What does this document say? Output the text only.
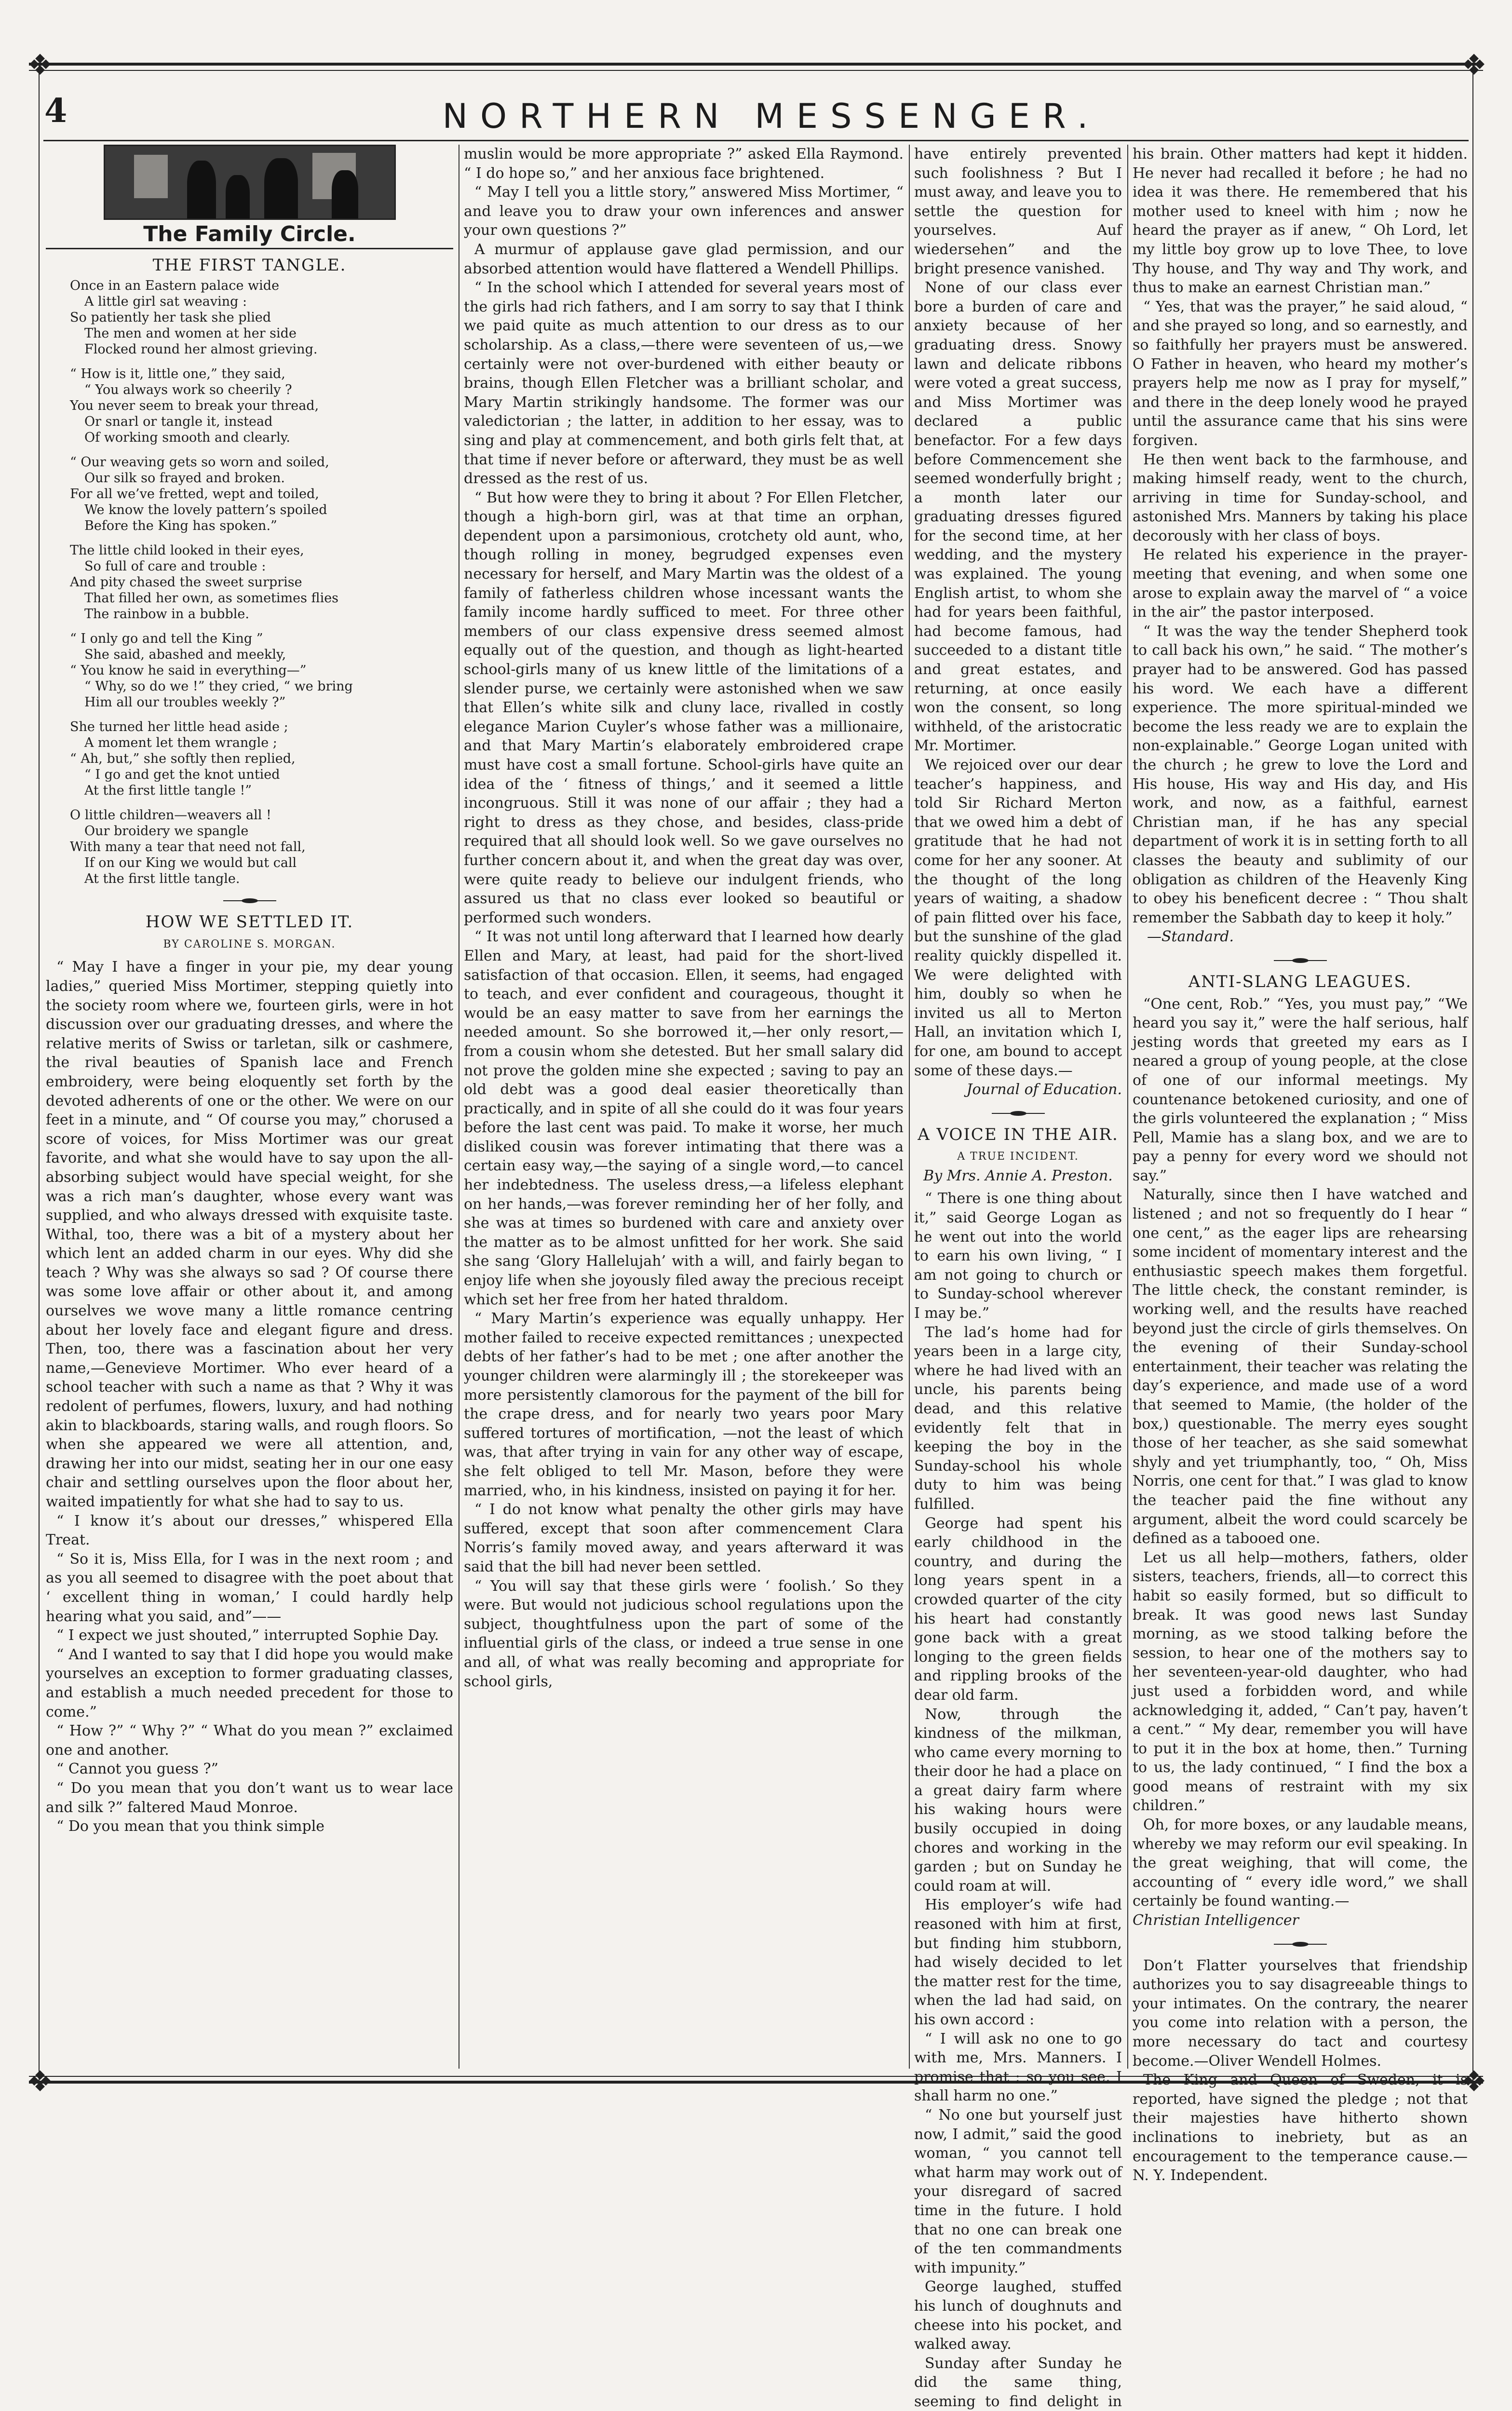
❖	❖
❖	❖
4	NORTHERN MESSENGER.
The Family Circle.
THE FIRST TANGLE.
Once in an Eastern palace wide
A little girl sat weaving :
So patiently her task she plied
The men and women at her side
Flocked round her almost grieving.
“ How is it, little one,” they said,
“ You always work so cheerily ?
You never seem to break your thread,
Or snarl or tangle it, instead
Of working smooth and clearly.
“ Our weaving gets so worn and soiled,
Our silk so frayed and broken.
For all we’ve fretted, wept and toiled,
We know the lovely pattern’s spoiled
Before the King has spoken.”
The little child looked in their eyes,
So full of care and trouble :
And pity chased the sweet surprise
That filled her own, as sometimes flies
The rainbow in a bubble.
“ I only go and tell the King ”
She said, abashed and meekly,
“ You know he said in everything—”
“ Why, so do we !” they cried, “ we bring
Him all our troubles weekly ?”
She turned her little head aside ;
A moment let them wrangle ;
“ Ah, but,” she softly then replied,
“ I go and get the knot untied
At the first little tangle !”
O little children—weavers all !
Our broidery we spangle
With many a tear that need not fall,
If on our King we would but call
At the first little tangle.
HOW WE SETTLED IT.
BY CAROLINE S. MORGAN.

“ May I have a finger in your pie, my dear young ladies,” queried Miss Mortimer, stepping quietly into the society room where we, fourteen girls, were in hot discussion over our graduating dresses, and where the relative merits of Swiss or tarletan, silk or cashmere, the rival beauties of Spanish lace and French embroidery, were being eloquently set forth by the devoted adherents of one or the other. We were on our feet in a minute, and “ Of course you may,” chorused a score of voices, for Miss Mortimer was our great favorite, and what she would have to say upon the all-absorbing subject would have special weight, for she was a rich man’s daughter, whose every want was supplied, and who always dressed with exquisite taste. Withal, too, there was a bit of a mystery about her which lent an added charm in our eyes. Why did she teach ? Why was she always so sad ? Of course there was some love affair or other about it, and among ourselves we wove many a little romance centring about her lovely face and elegant figure and dress. Then, too, there was a fascination about her very name,—Genevieve Mortimer. Who ever heard of a school teacher with such a name as that ? Why it was redolent of perfumes, flowers, luxury, and had nothing akin to blackboards, staring walls, and rough floors. So when she appeared we were all attention, and, drawing her into our midst, seating her in our one easy chair and settling ourselves upon the floor about her, waited impatiently for what she had to say to us.

“ I know it’s about our dresses,” whispered Ella Treat.

“ So it is, Miss Ella, for I was in the next room ; and as you all seemed to disagree with the poet about that ‘ excellent thing in woman,’ I could hardly help hearing what you said, and”——

“ I expect we just shouted,” interrupted Sophie Day.

“ And I wanted to say that I did hope you would make yourselves an exception to former graduating classes, and establish a much needed precedent for those to come.”

“ How ?” “ Why ?” “ What do you mean ?” exclaimed one and another.

“ Cannot you guess ?”

“ Do you mean that you don’t want us to wear lace and silk ?” faltered Maud Monroe.

“ Do you mean that you think simple

muslin would be more appropriate ?” asked Ella Raymond. “ I do hope so,” and her anxious face brightened.

“ May I tell you a little story,” answered Miss Mortimer, “ and leave you to draw your own inferences and answer your own questions ?”

A murmur of applause gave glad permission, and our absorbed attention would have flattered a Wendell Phillips.

“ In the school which I attended for several years most of the girls had rich fathers, and I am sorry to say that I think we paid quite as much attention to our dress as to our scholarship. As a class,—there were seventeen of us,—we certainly were not over-burdened with either beauty or brains, though Ellen Fletcher was a brilliant scholar, and Mary Martin strikingly handsome. The former was our valedictorian ; the latter, in addition to her essay, was to sing and play at commencement, and both girls felt that, at that time if never before or afterward, they must be as well dressed as the rest of us.

“ But how were they to bring it about ? For Ellen Fletcher, though a high-born girl, was at that time an orphan, dependent upon a parsimonious, crotchety old aunt, who, though rolling in money, begrudged expenses even necessary for herself, and Mary Martin was the oldest of a family of fatherless children whose incessant wants the family income hardly sufficed to meet. For three other members of our class expensive dress seemed almost equally out of the question, and though as light-hearted school-girls many of us knew little of the limitations of a slender purse, we certainly were astonished when we saw that Ellen’s white silk and cluny lace, rivalled in costly elegance Marion Cuyler’s whose father was a millionaire, and that Mary Martin’s elaborately embroidered crape must have cost a small fortune. School-girls have quite an idea of the ‘ fitness of things,’ and it seemed a little incongruous. Still it was none of our affair ; they had a right to dress as they chose, and besides, class-pride required that all should look well. So we gave ourselves no further concern about it, and when the great day was over, were quite ready to believe our indulgent friends, who assured us that no class ever looked so beautiful or performed such wonders.

“ It was not until long afterward that I learned how dearly Ellen and Mary, at least, had paid for the short-lived satisfaction of that occasion. Ellen, it seems, had engaged to teach, and ever confident and courageous, thought it would be an easy matter to save from her earnings the needed amount. So she borrowed it,—her only resort,—from a cousin whom she detested. But her small salary did not prove the golden mine she expected ; saving to pay an old debt was a good deal easier theoretically than practically, and in spite of all she could do it was four years before the last cent was paid. To make it worse, her much disliked cousin was forever intimating that there was a certain easy way,—the saying of a single word,—to cancel her indebtedness. The useless dress,—a lifeless elephant on her hands,—was forever reminding her of her folly, and she was at times so burdened with care and anxiety over the matter as to be almost unfitted for her work. She said she sang ‘Glory Hallelujah’ with a will, and fairly began to enjoy life when she joyously filed away the precious receipt which set her free from her hated thraldom.

“ Mary Martin’s experience was equally unhappy. Her mother failed to receive expected remittances ; unexpected debts of her father’s had to be met ; one after another the younger children were alarmingly ill ; the storekeeper was more persistently clamorous for the payment of the bill for the crape dress, and for nearly two years poor Mary suffered tortures of mortification, —not the least of which was, that after trying in vain for any other way of escape, she felt obliged to tell Mr. Mason, before they were married, who, in his kindness, insisted on paying it for her.

“ I do not know what penalty the other girls may have suffered, except that soon after commencement Clara Norris’s family moved away, and years afterward it was said that the bill had never been settled.

“ You will say that these girls were ‘ foolish.’ So they were. But would not judicious school regulations upon the subject, thoughtfulness upon the part of some of the influential girls of the class, or indeed a true sense in one and all, of what was really becoming and appropriate for school girls,

have entirely prevented such foolishness ? But I must away, and leave you to settle the question for yourselves. Auf wiedersehen” and the bright presence vanished.

None of our class ever bore a burden of care and anxiety because of her graduating dress. Snowy lawn and delicate ribbons were voted a great success, and Miss Mortimer was declared a public benefactor. For a few days before Commencement she seemed wonderfully bright ; a month later our graduating dresses figured for the second time, at her wedding, and the mystery was explained. The young English artist, to whom she had for years been faithful, had become famous, had succeeded to a distant title and great estates, and returning, at once easily won the consent, so long withheld, of the aristocratic Mr. Mortimer.

We rejoiced over our dear teacher’s happiness, and told Sir Richard Merton that we owed him a debt of gratitude that he had not come for her any sooner. At the thought of the long years of waiting, a shadow of pain flitted over his face, but the sunshine of the glad reality quickly dispelled it. We were delighted with him, doubly so when he invited us all to Merton Hall, an invitation which I, for one, am bound to accept some of these days.—

Journal of Education.

A VOICE IN THE AIR.
A TRUE INCIDENT.
By Mrs. Annie A. Preston.

“ There is one thing about it,” said George Logan as he went out into the world to earn his own living, “ I am not going to church or to Sunday-school wherever I may be.”

The lad’s home had for years been in a large city, where he had lived with an uncle, his parents being dead, and this relative evidently felt that in keeping the boy in the Sunday-school his whole duty to him was being fulfilled.

George had spent his early childhood in the country, and during the long years spent in a crowded quarter of the city his heart had constantly gone back with a great longing to the green fields and rippling brooks of the dear old farm.

Now, through the kindness of the milkman, who came every morning to their door he had a place on a great dairy farm where his waking hours were busily occupied in doing chores and working in the garden ; but on Sunday he could roam at will.

His employer’s wife had reasoned with him at first, but finding him stubborn, had wisely decided to let the matter rest for the time, when the lad had said, on his own accord :

“ I will ask no one to go with me, Mrs. Manners. I promise that ; so you see, I shall harm no one.”

“ No one but yourself just now, I admit,” said the good woman, “ you cannot tell what harm may work out of your disregard of sacred time in the future. I hold that no one can break one of the ten commandments with impunity.”

George laughed, stuffed his lunch of doughnuts and cheese into his pocket, and walked away.

Sunday after Sunday he did the same thing, seeming to find delight in

his brain. Other matters had kept it hidden. He never had recalled it before ; he had no idea it was there. He remembered that his mother used to kneel with him ; now he heard the prayer as if anew, “ Oh Lord, let my little boy grow up to love Thee, to love Thy house, and Thy way and Thy work, and thus to make an earnest Christian man.”

“ Yes, that was the prayer,” he said aloud, “ and she prayed so long, and so earnestly, and so faithfully her prayers must be answered. O Father in heaven, who heard my mother’s prayers help me now as I pray for myself,” and there in the deep lonely wood he prayed until the assurance came that his sins were forgiven.

He then went back to the farmhouse, and making himself ready, went to the church, arriving in time for Sunday-school, and astonished Mrs. Manners by taking his place decorously with her class of boys.

He related his experience in the prayer-meeting that evening, and when some one arose to explain away the marvel of “ a voice in the air” the pastor interposed.

“ It was the way the tender Shepherd took to call back his own,” he said. “ The mother’s prayer had to be answered. God has passed his word. We each have a different experience. The more spiritual-minded we become the less ready we are to explain the non-explainable.” George Logan united with the church ; he grew to love the Lord and His house, His way and His day, and His work, and now, as a faithful, earnest Christian man, if he has any special department of work it is in setting forth to all classes the beauty and sublimity of our obligation as children of the Heavenly King to obey his beneficent decree : “ Thou shalt remember the Sabbath day to keep it holy.”

—Standard.

ANTI-SLANG LEAGUES.

“One cent, Rob.” “Yes, you must pay,” “We heard you say it,” were the half serious, half jesting words that greeted my ears as I neared a group of young people, at the close of one of our informal meetings. My countenance betokened curiosity, and one of the girls volunteered the explanation ; “ Miss Pell, Mamie has a slang box, and we are to pay a penny for every word we should not say.”

Naturally, since then I have watched and listened ; and not so frequently do I hear “ one cent,” as the eager lips are rehearsing some incident of momentary interest and the enthusiastic speech makes them forgetful. The little check, the constant reminder, is working well, and the results have reached beyond just the circle of girls themselves. On the evening of their Sunday-school entertainment, their teacher was relating the day’s experience, and made use of a word that seemed to Mamie, (the holder of the box,) questionable. The merry eyes sought those of her teacher, as she said somewhat shyly and yet triumphantly, too, “ Oh, Miss Norris, one cent for that.” I was glad to know the teacher paid the fine without any argument, albeit the word could scarcely be defined as a tabooed one.

Let us all help—mothers, fathers, older sisters, teachers, friends, all—to correct this habit so easily formed, but so difficult to break. It was good news last Sunday morning, as we stood talking before the session, to hear one of the mothers say to her seventeen-year-old daughter, who had just used a forbidden word, and while acknowledging it, added, “ Can’t pay, haven’t a cent.” “ My dear, remember you will have to put it in the box at home, then.” Turning to us, the lady continued, “ I find the box a good means of restraint with my six children.”

Oh, for more boxes, or any laudable means, whereby we may reform our evil speaking. In the great weighing, that will come, the accounting of “ every idle word,” we shall certainly be found wanting.—

Christian Intelligencer

Don’t Flatter yourselves that friendship authorizes you to say disagreeable things to your intimates. On the contrary, the nearer you come into relation with a person, the more necessary do tact and courtesy become.—Oliver Wendell Holmes.

The King and Queen of Sweden, it is reported, have signed the pledge ; not that their majesties have hitherto shown inclinations to inebriety, but as an encouragement to the temperance cause.—N. Y. Independent.
